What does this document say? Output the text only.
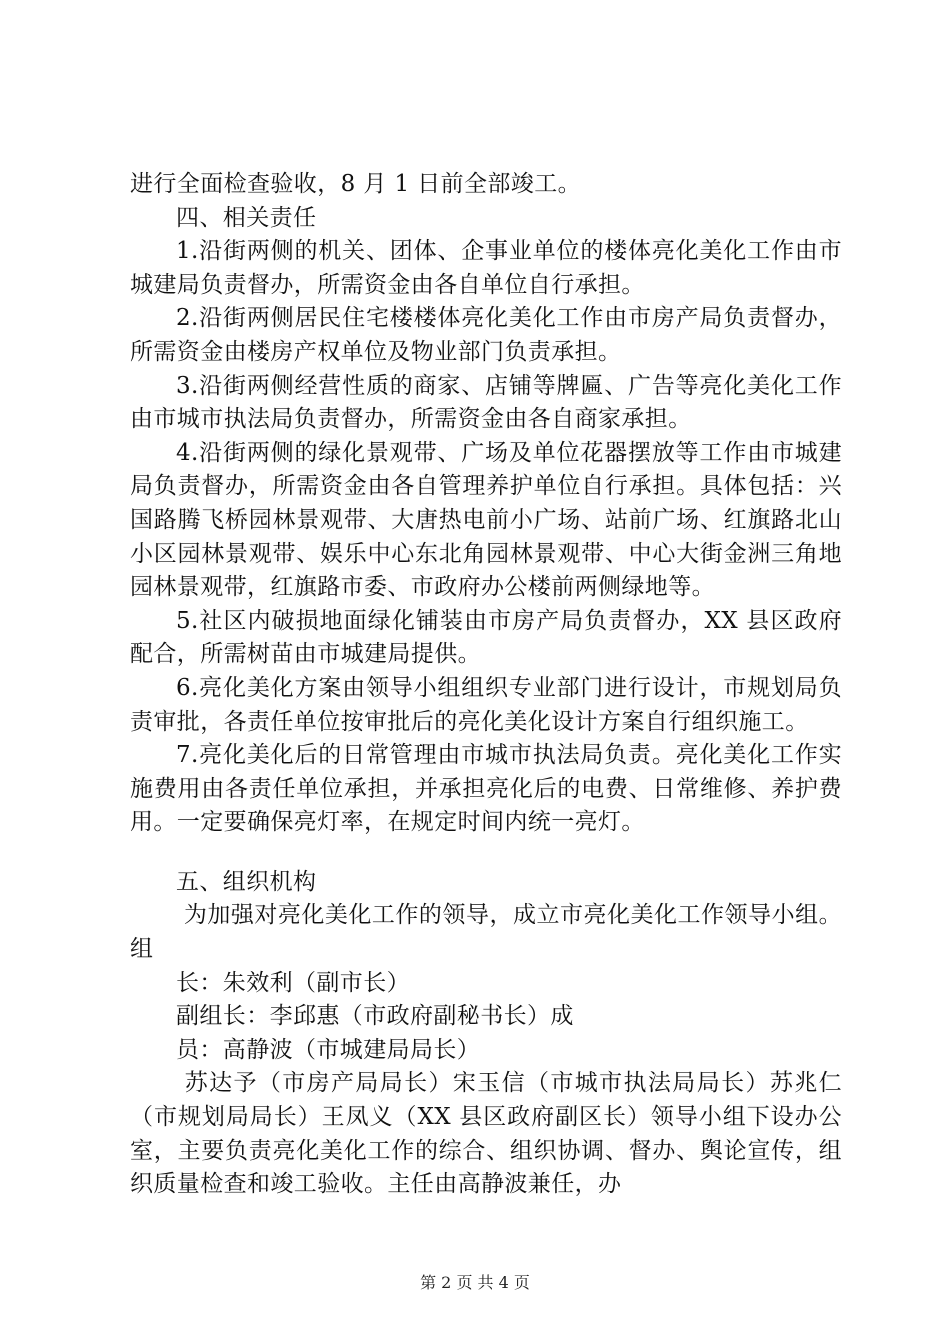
进行全面检查验收，8 月 1 日前全部竣工。

四、相关责任

1.沿街两侧的机关、团体、企事业单位的楼体亮化美化工作由市城建局负责督办，所需资金由各自单位自行承担。

2.沿街两侧居民住宅楼楼体亮化美化工作由市房产局负责督办，所需资金由楼房产权单位及物业部门负责承担。

3.沿街两侧经营性质的商家、店铺等牌匾、广告等亮化美化工作由市城市执法局负责督办，所需资金由各自商家承担。

4.沿街两侧的绿化景观带、广场及单位花器摆放等工作由市城建局负责督办，所需资金由各自管理养护单位自行承担。具体包括：兴国路腾飞桥园林景观带、大唐热电前小广场、站前广场、红旗路北山小区园林景观带、娱乐中心东北角园林景观带、中心大街金洲三角地园林景观带，红旗路市委、市政府办公楼前两侧绿地等。

5.社区内破损地面绿化铺装由市房产局负责督办，XX 县区政府配合，所需树苗由市城建局提供。

6.亮化美化方案由领导小组组织专业部门进行设计，市规划局负责审批，各责任单位按审批后的亮化美化设计方案自行组织施工。

7.亮化美化后的日常管理由市城市执法局负责。亮化美化工作实施费用由各责任单位承担，并承担亮化后的电费、日常维修、养护费用。一定要确保亮灯率，在规定时间内统一亮灯。

五、组织机构

为加强对亮化美化工作的领导，成立市亮化美化工作领导小组。组

长：朱效利（副市长）

副组长：李邱惠（市政府副秘书长）成

员：高静波（市城建局局长）

苏达予（市房产局局长）宋玉信（市城市执法局局长）苏兆仁（市规划局局长）王凤义（XX 县区政府副区长）领导小组下设办公室，主要负责亮化美化工作的综合、组织协调、督办、舆论宣传，组织质量检查和竣工验收。主任由高静波兼任，办

第 2 页 共 4 页
